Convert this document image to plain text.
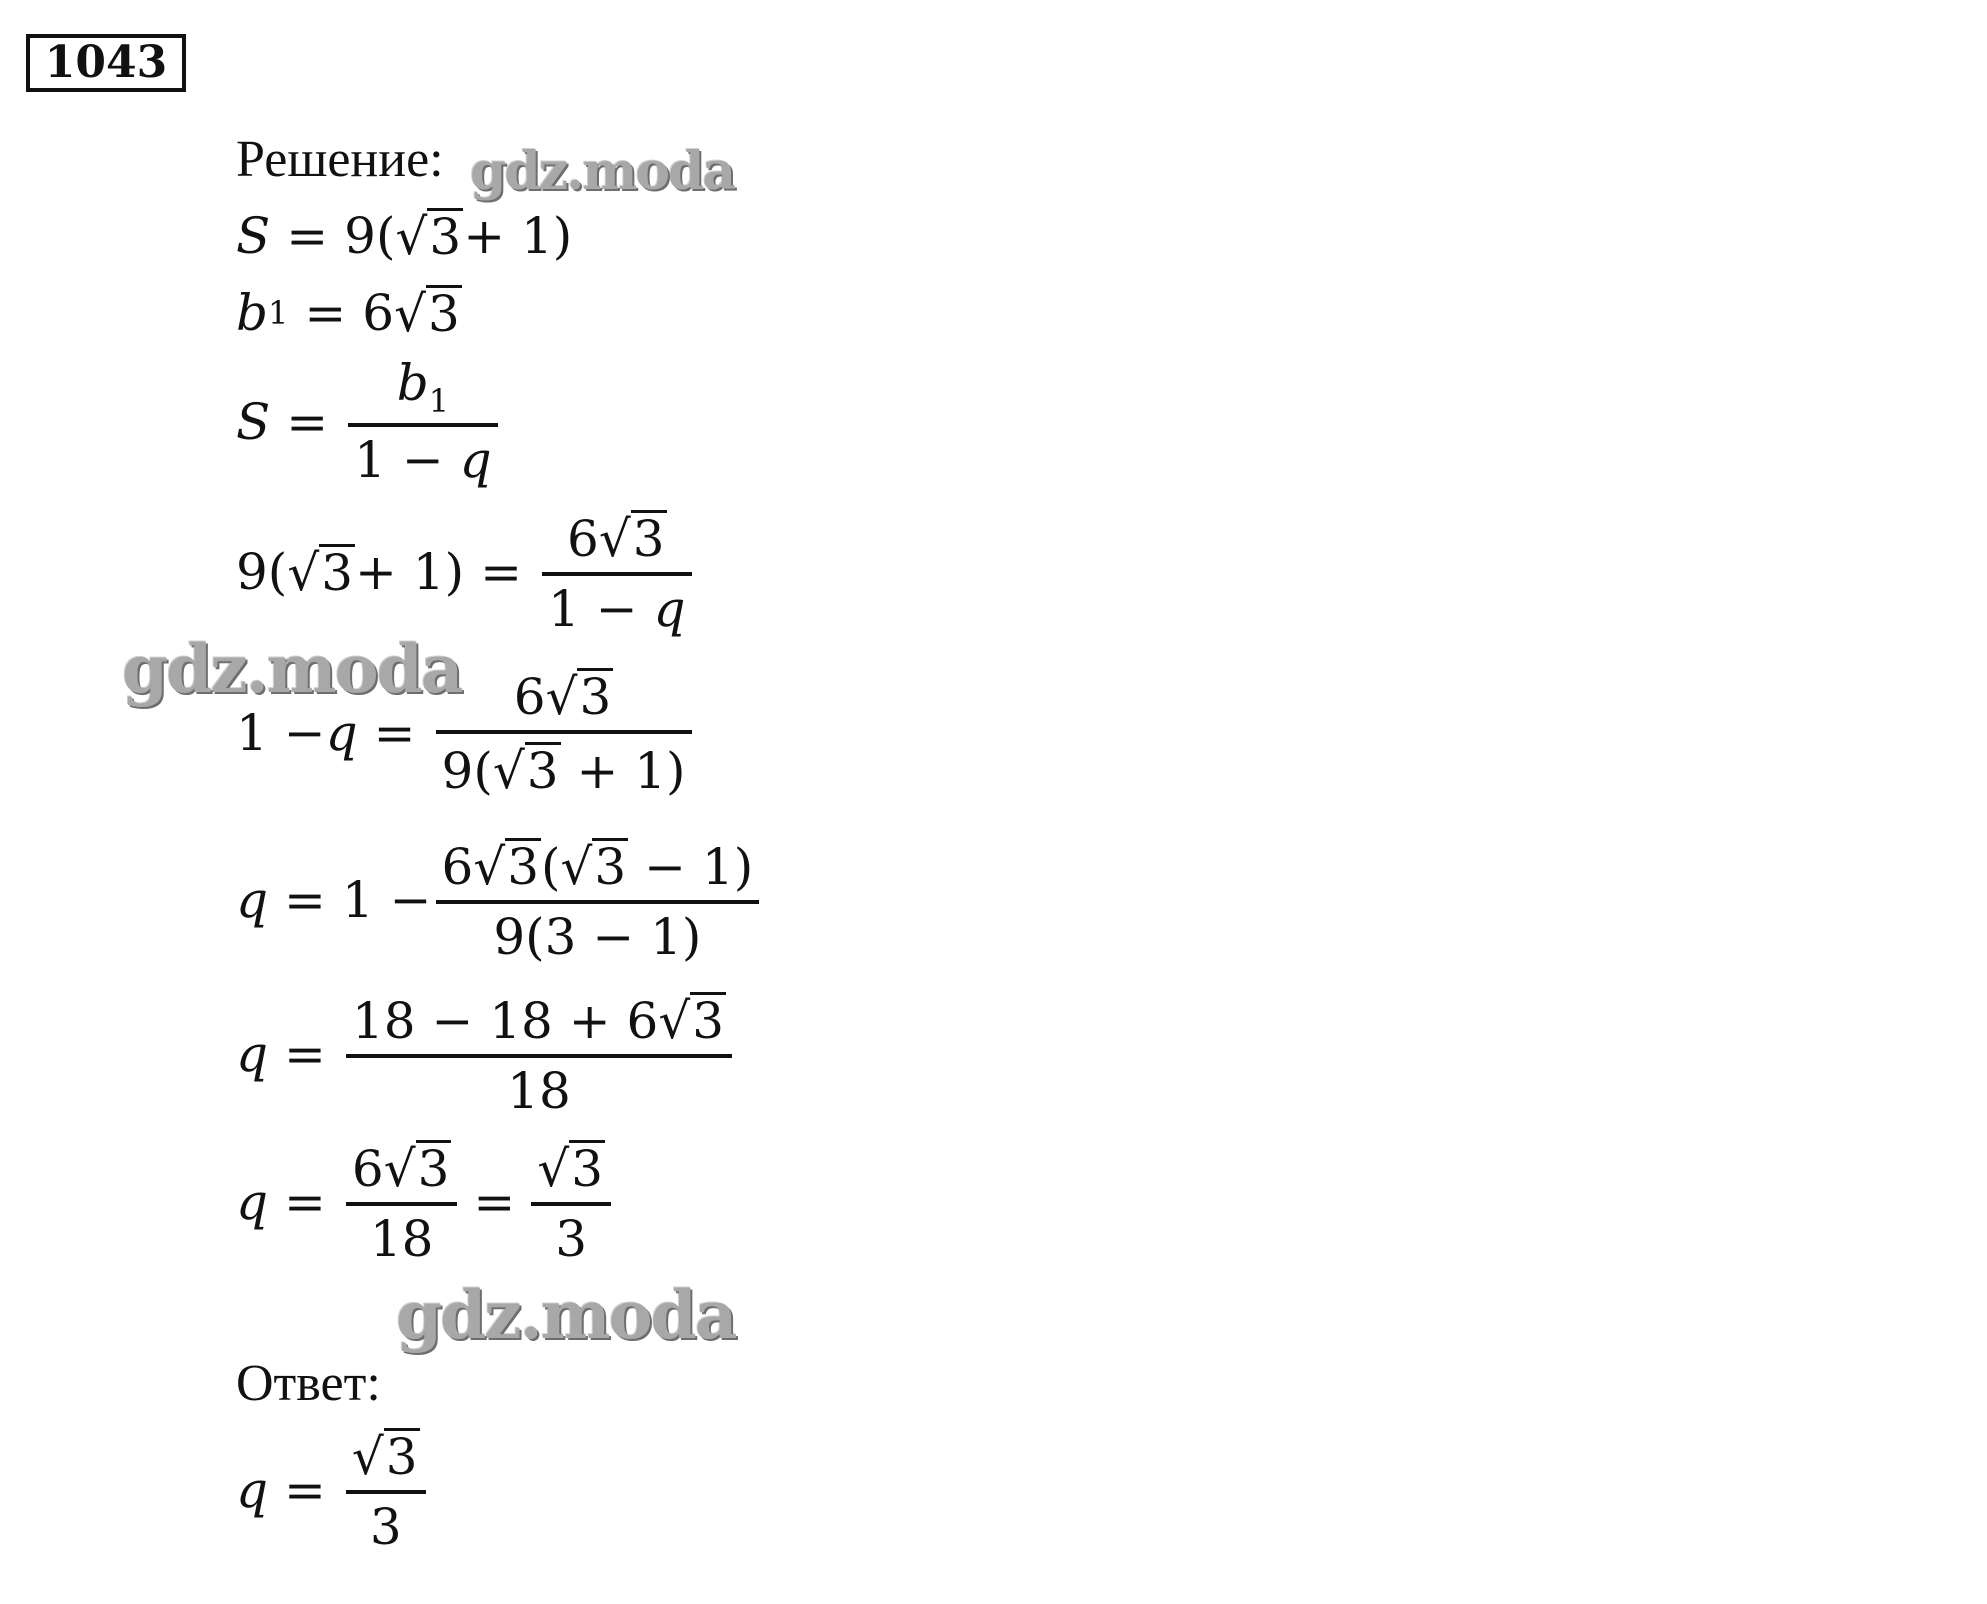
1043
Решение:
S = 9( √3 + 1)
b 1 = 6 √3
$S = \frac{b_1}{1 - q}$
9( $√3 + 1) = \frac{6√3}{1 - q}$
$1 - q = \frac{6√3}{9(√3 + 1)}$
$q = 1 - \frac{6√3(√3 - 1)}{9(3 - 1)}$
$q = \frac{18 - 18 + 6√3}{18}$
$q = \frac{6√3}{18} = \frac{√3}{3}$
Ответ:
$q = \frac{√3}{3}$
gdz.moda
gdz.moda
gdz.moda
